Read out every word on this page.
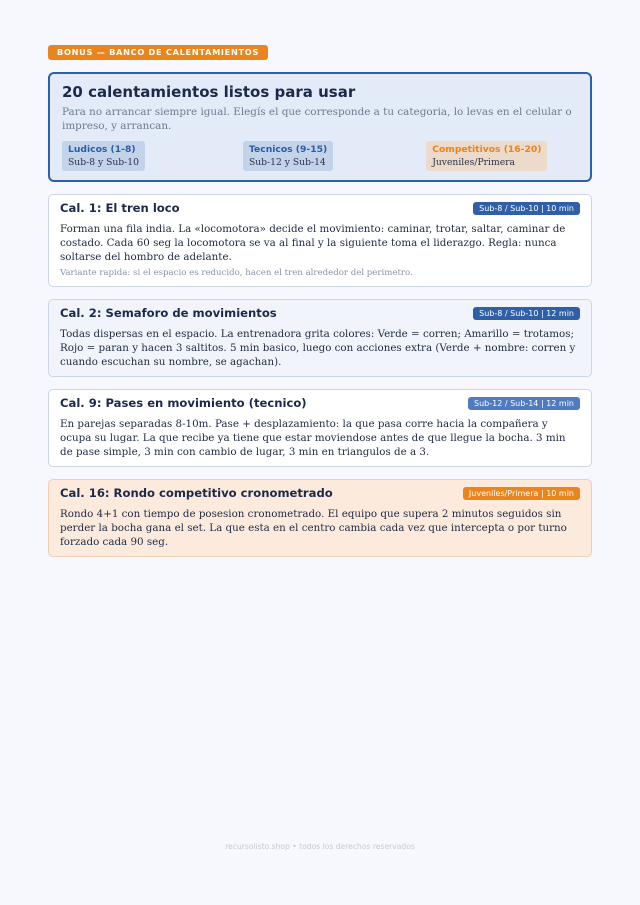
BONUS — BANCO DE CALENTAMIENTOS
20 calentamientos listos para usar
Para no arrancar siempre igual. Elegís el que corresponde a tu categoria, lo levas en el celular o impreso, y arrancan.
Ludicos (1-8)
Sub-8 y Sub-10
Tecnicos (9-15)
Sub-12 y Sub-14
Competitivos (16-20)
Juveniles/Primera
Cal. 1: El tren loco	Sub-8 / Sub-10 | 10 min
Forman una fila india. La «locomotora» decide el movimiento: caminar, trotar, saltar, caminar de costado. Cada 60 seg la locomotora se va al final y la siguiente toma el liderazgo. Regla: nunca soltarse del hombro de adelante.
Variante rapida: si el espacio es reducido, hacen el tren alrededor del perimetro.
Cal. 2: Semaforo de movimientos	Sub-8 / Sub-10 | 12 min
Todas dispersas en el espacio. La entrenadora grita colores: Verde = corren; Amarillo = trotamos; Rojo = paran y hacen 3 saltitos. 5 min basico, luego con acciones extra (Verde + nombre: corren y cuando escuchan su nombre, se agachan).
Cal. 9: Pases en movimiento (tecnico)	Sub-12 / Sub-14 | 12 min
En parejas separadas 8-10m. Pase + desplazamiento: la que pasa corre hacia la compañera y ocupa su lugar. La que recibe ya tiene que estar moviendose antes de que llegue la bocha. 3 min de pase simple, 3 min con cambio de lugar, 3 min en triangulos de a 3.
Cal. 16: Rondo competitivo cronometrado	Juveniles/Primera | 10 min
Rondo 4+1 con tiempo de posesion cronometrado. El equipo que supera 2 minutos seguidos sin perder la bocha gana el set. La que esta en el centro cambia cada vez que intercepta o por turno forzado cada 90 seg.
recursolisto.shop • todos los derechos reservados
